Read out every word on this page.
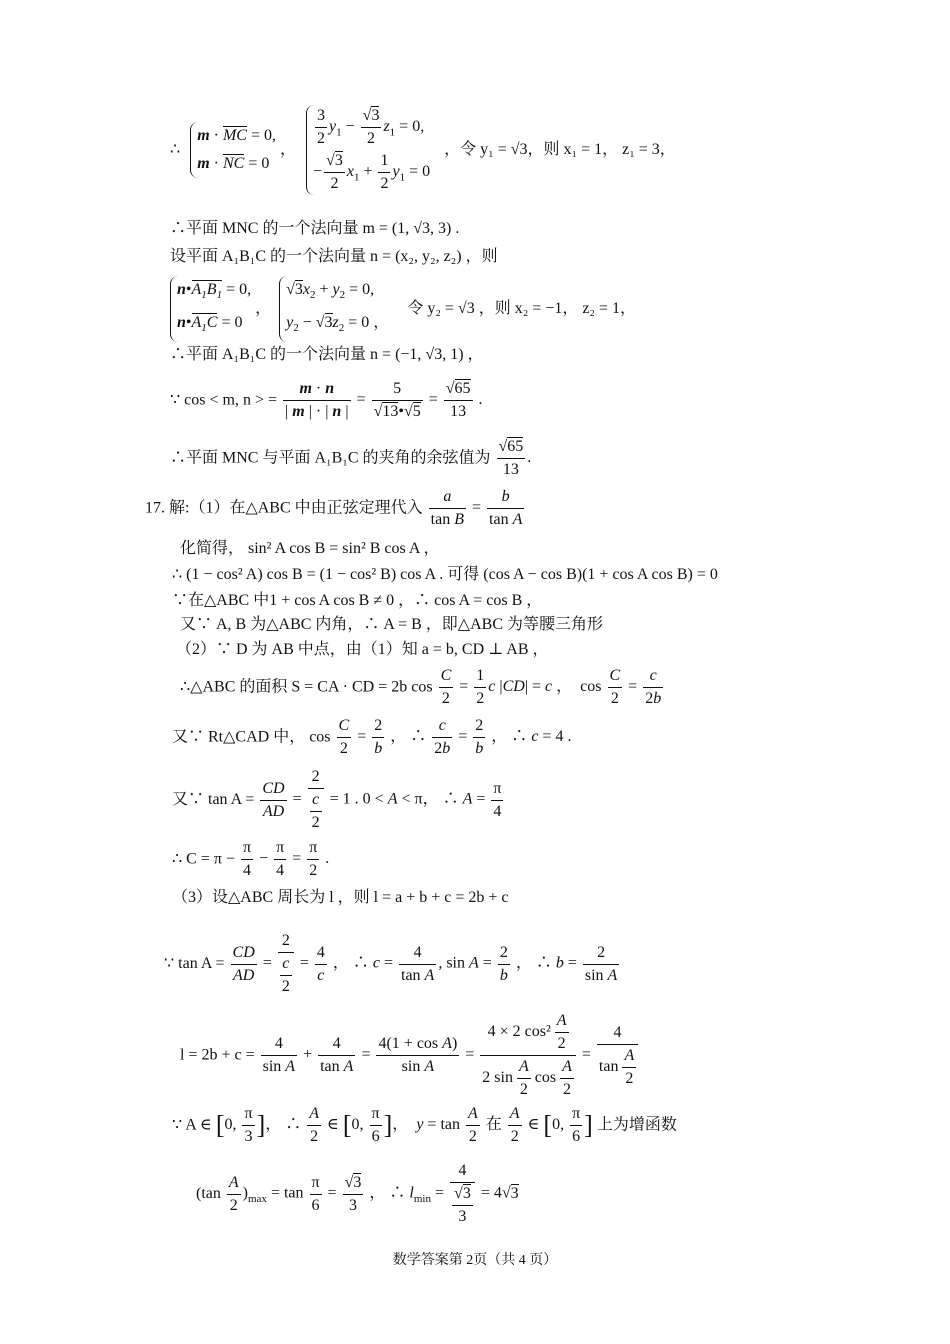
∴
m · MC = 0,
m · NC = 0
， $\frac{3}{2} y_1 - \frac{√3}{2} z_1 = 0$,
− $\frac{√3}{2} x_1 + \frac{1}{2} y_1 = 0$
，令 y₁ = √3，则 x₁ = 1， z₁ = 3，
∴平面 MNC 的一个法向量 m = (1, √3, 3) .
设平面 A₁B₁C 的一个法向量 n = (x₂, y₂, z₂) ，则
$n•A_1B_1 = 0$,
$n•A_1C = 0$
，
$√3x_2 + y_2 = 0$,
$y_2 - √3z_2 = 0$ ，
令 y₂ = √3 ，则 x₂ = −1， z₂ = 1，
∴平面 A₁B₁C 的一个法向量 n = (−1, √3, 1) ，
∵ cos < m, n > = $\frac{m \cdot n}{| m | \cdot | n |} = \frac{5}{√13•√5} = \frac{√65}{13}$ .
∴平面 MNC 与平面 A₁B₁C 的夹角的余弦值为 $\frac{√65}{13}$ .
17. 解:（1）在△ABC 中由正弦定理代入 $\frac{a}{\text{tan B}} = \frac{b}{\text{tan A}}$
化简得， sin² A cos B = sin² B cos A ，
∴ (1 − cos² A) cos B = (1 − cos² B) cos A . 可得 (cos A − cos B)(1 + cos A cos B) = 0
∵在△ABC 中1 + cos A cos B ≠ 0 ，∴ cos A = cos B ，
又∵ A, B 为△ABC 内角，∴ A = B ，即△ABC 为等腰三角形
（2）∵ D 为 AB 中点，由（1）知 a = b, CD ⊥ AB ，
∴△ABC 的面积 S = CA · CD = 2b $\cos \frac{C}{2} = \frac{1}{2}$ c |CD| = c ，  $\cos \frac{C}{2} = \frac{c}{2b}$
又∵ Rt△CAD 中， $\cos \frac{C}{2} = \frac{2}{b}$ ， ∴ $\frac{c}{2b} = \frac{2}{b}$ ， ∴ c = 4 .
又∵ $\tan A = \frac{CD}{AD} = \frac{2}{\frac{c}{2}} = 1$ . 0 < A < π， ∴ $A = \frac{\pi}{4}$
∴ $C = \pi - \frac{\pi}{4} - \frac{\pi}{4} = \frac{\pi}{2}$ .
（3）设△ABC 周长为 l ，则 l = a + b + c = 2b + c
∵ $\tan A = \frac{CD}{AD} = \frac{2}{\frac{c}{2}} = \frac{4}{c}$ ， ∴ $c = \frac{4}{\text{tan A}}$ , $\sin A = \frac{2}{b}$ ， ∴ $b = \frac{2}{\text{sin A}}$
$l = 2b + c = \frac{4}{\text{sin A}} + \frac{4}{\text{tan A}} = \frac{\text{4(1 + cos A)}}{\text{sin A}} = \frac{4 \times 2 \cos^2 \frac{A}{2}}{2 \sin \frac{A}{2} \cos \frac{A}{2}} = \frac{4}{\tan \frac{A}{2}}$
∵ A ∈ [0, $\frac{\pi}{3}$ ]， ∴ $\frac{A}{2}$ ∈ [0, $\frac{\pi}{6}$ ]，  $y = \tan \frac{A}{2}$ 在 $\frac{A}{2}$ ∈ [0, $\frac{\pi}{6}$ ] 上为增函数
$(\tan \frac{A}{2} )_{max} = \tan \frac{\pi}{6} = \frac{√3}{3}$ ， ∴ $l_{min} = \frac{4}{\frac{√3}{3}} = 4√3$
数学答案第 2页（共 4 页）
